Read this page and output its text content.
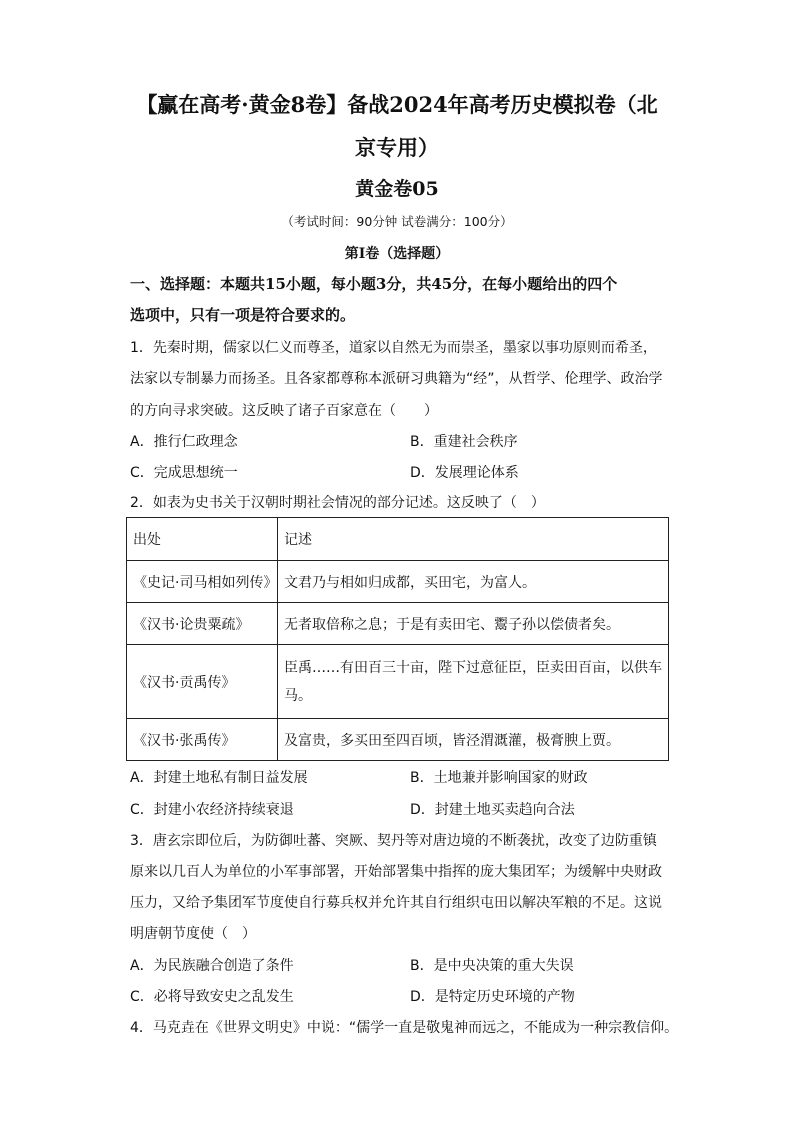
【赢在高考·黄金8卷】备战2024年高考历史模拟卷（北
京专用）
黄金卷05
（考试时间：90分钟 试卷满分：100分）
第Ⅰ卷（选择题）
一、选择题：本题共15小题，每小题3分，共45分，在每小题给出的四个
选项中，只有一项是符合要求的。
1．先秦时期，儒家以仁义而尊圣，道家以自然无为而崇圣，墨家以事功原则而希圣，
法家以专制暴力而扬圣。且各家都尊称本派研习典籍为“经”，从哲学、伦理学、政治学
的方向寻求突破。这反映了诸子百家意在（　　）
A．推行仁政理念	B．重建社会秩序
C．完成思想统一	D．发展理论体系
2．如表为史书关于汉朝时期社会情况的部分记述。这反映了（　）
出处	记述
《史记·司马相如列传》	文君乃与相如归成都，买田宅，为富人。
《汉书·论贵粟疏》	无者取倍称之息；于是有卖田宅、鬻子孙以偿债者矣。
《汉书·贡禹传》	臣禹……有田百三十亩，陛下过意征臣，臣卖田百亩，以供车
马。

《汉书·张禹传》	及富贵，多买田至四百顷，皆泾渭溉灌，极膏腴上贾。
A．封建土地私有制日益发展	B．土地兼并影响国家的财政
C．封建小农经济持续衰退	D．封建土地买卖趋向合法
3．唐玄宗即位后，为防御吐蕃、突厥、契丹等对唐边境的不断袭扰，改变了边防重镇
原来以几百人为单位的小军事部署，开始部署集中指挥的庞大集团军；为缓解中央财政
压力，又给予集团军节度使自行募兵权并允许其自行组织屯田以解决军粮的不足。这说
明唐朝节度使（　）
A．为民族融合创造了条件	B．是中央决策的重大失误
C．必将导致安史之乱发生	D．是特定历史环境的产物
4．马克垚在《世界文明史》中说：“儒学一直是敬鬼神而远之，不能成为一种宗教信仰。
